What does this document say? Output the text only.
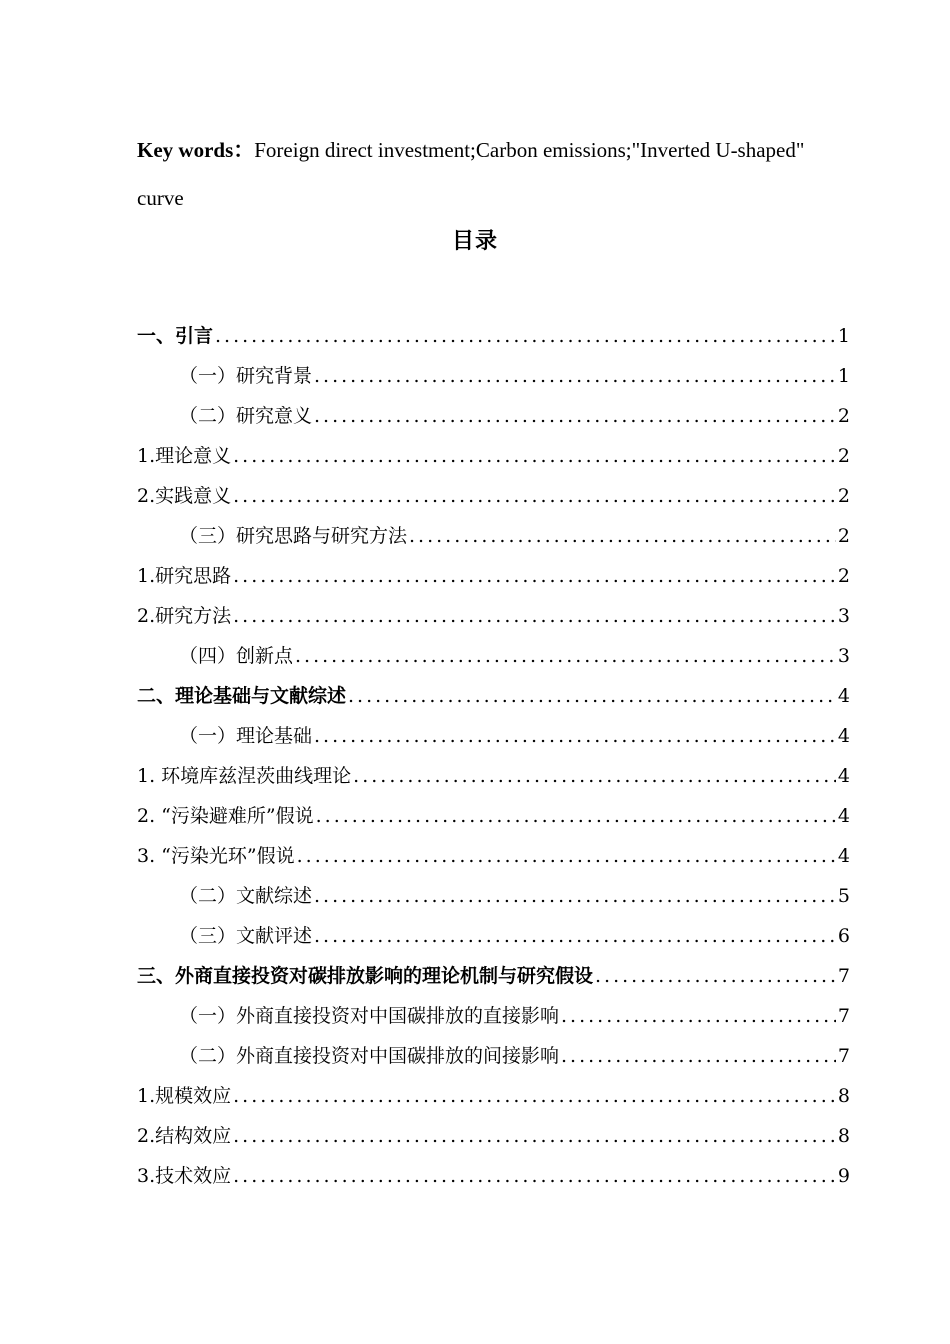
Key words：Foreign direct investment;Carbon emissions;"Inverted U-shaped" curve
目录
一、引言 .....	1
（一）研究背景 .....	1
（二）研究意义 .....	2
1.理论意义 .....	2
2.实践意义 .....	2
（三）研究思路与研究方法 .....	2
1.研究思路 .....	2
2.研究方法 .....	3
（四）创新点 .....	3
二、理论基础与文献综述 .....	4
（一）理论基础 .....	4
1. 环境库兹涅茨曲线理论 .....	4
2. “污染避难所”假说 .....	4
3. “污染光环”假说 .....	4
（二）文献综述 .....	5
（三）文献评述 .....	6
三、外商直接投资对碳排放影响的理论机制与研究假设 .....	7
（一）外商直接投资对中国碳排放的直接影响 .....	7
（二）外商直接投资对中国碳排放的间接影响 .....	7
1.规模效应 .....	8
2.结构效应 .....	8
3.技术效应 .....	9
